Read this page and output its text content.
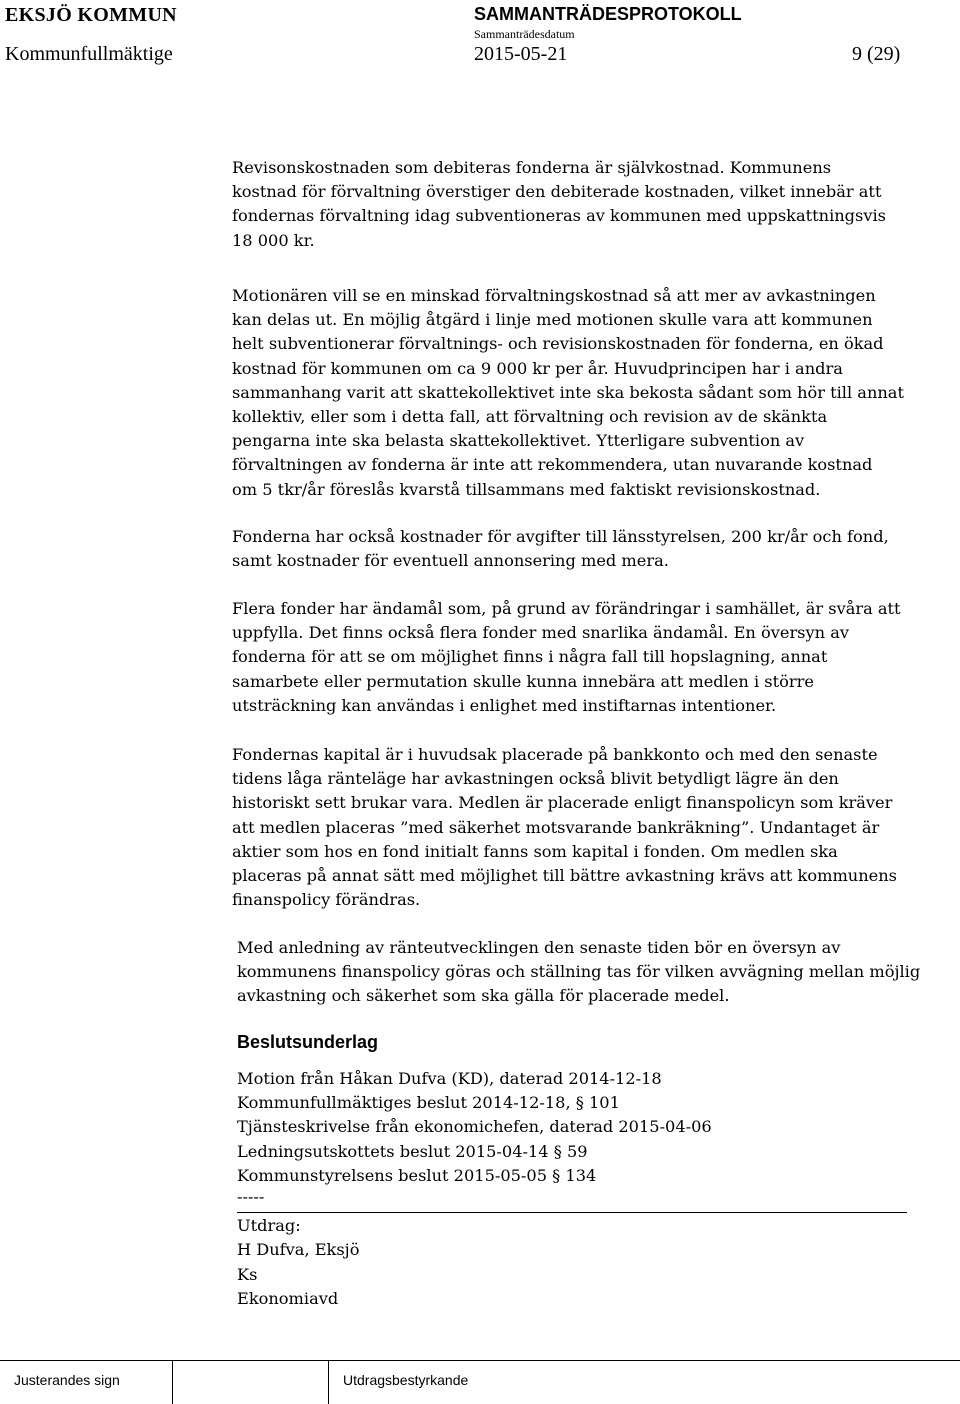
EKSJÖ KOMMUN	SAMMANTRÄDESPROTOKOLL
Sammanträdesdatum
Kommunfullmäktige	2015-05-21	9 (29)

Revisonskostnaden som debiteras fonderna är självkostnad. Kommunens
kostnad för förvaltning överstiger den debiterade kostnaden, vilket innebär att
fondernas förvaltning idag subventioneras av kommunen med uppskattningsvis
18 000 kr.

Motionären vill se en minskad förvaltningskostnad så att mer av avkastningen
kan delas ut. En möjlig åtgärd i linje med motionen skulle vara att kommunen
helt subventionerar förvaltnings- och revisionskostnaden för fonderna, en ökad
kostnad för kommunen om ca 9 000 kr per år. Huvudprincipen har i andra
sammanhang varit att skattekollektivet inte ska bekosta sådant som hör till annat
kollektiv, eller som i detta fall, att förvaltning och revision av de skänkta
pengarna inte ska belasta skattekollektivet. Ytterligare subvention av
förvaltningen av fonderna är inte att rekommendera, utan nuvarande kostnad
om 5 tkr/år föreslås kvarstå tillsammans med faktiskt revisionskostnad.

Fonderna har också kostnader för avgifter till länsstyrelsen, 200 kr/år och fond,
samt kostnader för eventuell annonsering med mera.

Flera fonder har ändamål som, på grund av förändringar i samhället, är svåra att
uppfylla. Det finns också flera fonder med snarlika ändamål. En översyn av
fonderna för att se om möjlighet finns i några fall till hopslagning, annat
samarbete eller permutation skulle kunna innebära att medlen i större
utsträckning kan användas i enlighet med instiftarnas intentioner.

Fondernas kapital är i huvudsak placerade på bankkonto och med den senaste
tidens låga ränteläge har avkastningen också blivit betydligt lägre än den
historiskt sett brukar vara. Medlen är placerade enligt finanspolicyn som kräver
att medlen placeras ”med säkerhet motsvarande bankräkning”. Undantaget är
aktier som hos en fond initialt fanns som kapital i fonden. Om medlen ska
placeras på annat sätt med möjlighet till bättre avkastning krävs att kommunens
finanspolicy förändras.

Med anledning av ränteutvecklingen den senaste tiden bör en översyn av
kommunens finanspolicy göras och ställning tas för vilken avvägning mellan möjlig
avkastning och säkerhet som ska gälla för placerade medel.

Beslutsunderlag
Motion från Håkan Dufva (KD), daterad 2014-12-18
Kommunfullmäktiges beslut 2014-12-18, § 101
Tjänsteskrivelse från ekonomichefen, daterad 2015-04-06
Ledningsutskottets beslut 2015-04-14 § 59
Kommunstyrelsens beslut 2015-05-05 § 134
-----
Utdrag:
H Dufva, Eksjö
Ks
Ekonomiavd
Justerandes sign	Utdragsbestyrkande
